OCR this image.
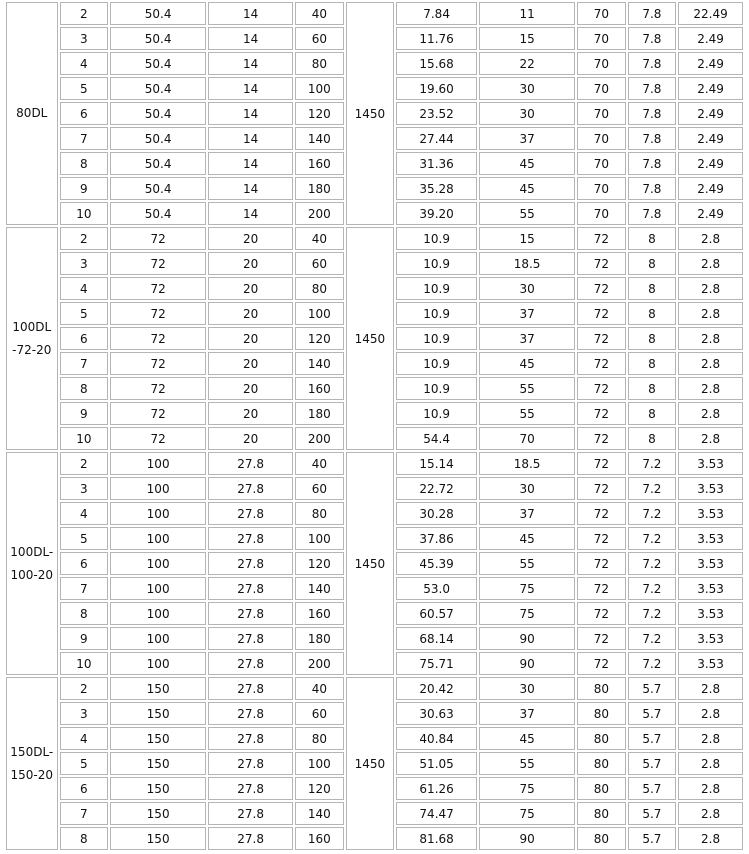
80DL	2	50.4	14	40	1450	7.84	11	70	7.8	22.49
	3	50.4	14	60		11.76	15	70	7.8	2.49
	4	50.4	14	80		15.68	22	70	7.8	2.49
	5	50.4	14	100		19.60	30	70	7.8	2.49
	6	50.4	14	120		23.52	30	70	7.8	2.49
	7	50.4	14	140		27.44	37	70	7.8	2.49
	8	50.4	14	160		31.36	45	70	7.8	2.49
	9	50.4	14	180		35.28	45	70	7.8	2.49
	10	50.4	14	200		39.20	55	70	7.8	2.49

100DL
-72-20	2	72	20	40	1450	10.9	15	72	8	2.8
	3	72	20	60		10.9	18.5	72	8	2.8
	4	72	20	80		10.9	30	72	8	2.8
	5	72	20	100		10.9	37	72	8	2.8
	6	72	20	120		10.9	37	72	8	2.8
	7	72	20	140		10.9	45	72	8	2.8
	8	72	20	160		10.9	55	72	8	2.8
	9	72	20	180		10.9	55	72	8	2.8
	10	72	20	200		54.4	70	72	8	2.8

100DL-
100-20	2	100	27.8	40	1450	15.14	18.5	72	7.2	3.53
	3	100	27.8	60		22.72	30	72	7.2	3.53
	4	100	27.8	80		30.28	37	72	7.2	3.53
	5	100	27.8	100		37.86	45	72	7.2	3.53
	6	100	27.8	120		45.39	55	72	7.2	3.53
	7	100	27.8	140		53.0	75	72	7.2	3.53
	8	100	27.8	160		60.57	75	72	7.2	3.53
	9	100	27.8	180		68.14	90	72	7.2	3.53
	10	100	27.8	200		75.71	90	72	7.2	3.53

150DL-
150-20	2	150	27.8	40	1450	20.42	30	80	5.7	2.8
	3	150	27.8	60		30.63	37	80	5.7	2.8
	4	150	27.8	80		40.84	45	80	5.7	2.8
	5	150	27.8	100		51.05	55	80	5.7	2.8
	6	150	27.8	120		61.26	75	80	5.7	2.8
	7	150	27.8	140		74.47	75	80	5.7	2.8
	8	150	27.8	160		81.68	90	80	5.7	2.8
